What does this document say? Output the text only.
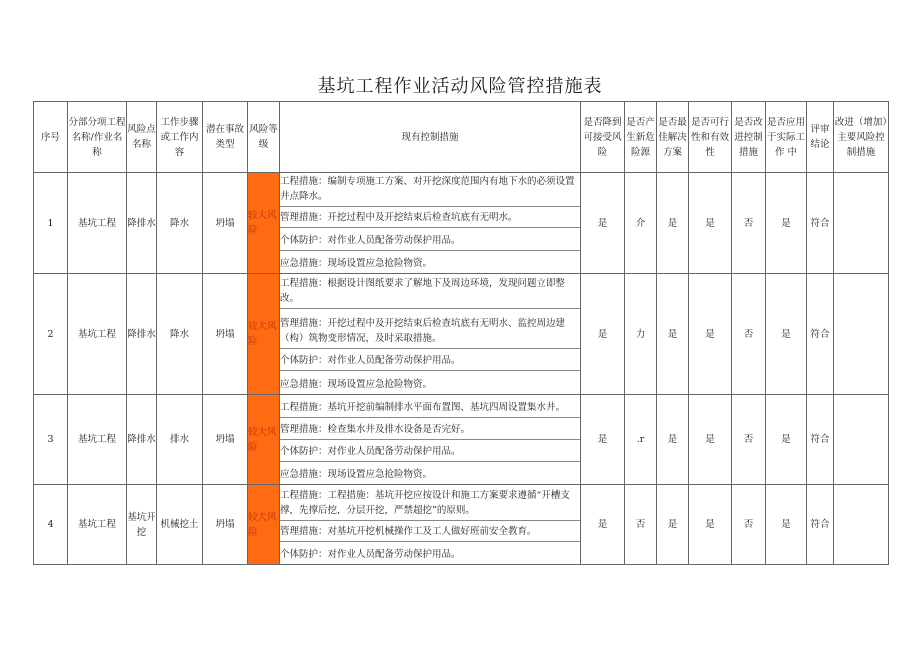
基坑工程作业活动风险管控措施表
序号	分部分项工程名称/作业名称	风险点名称	工作步骤或工作内容	潜在事故类型	风险等级	现有控制措施	是否降到可接受风险	是否产生新危险源	是否最佳解决方案	是否可行性和有效性	是否改进控制措施	是否应用于实际工作 中	评审结论	改进（增加）主要风险控制措施
1	基坑工程	降排水	降水	坍塌	较大风险	工程措施：编制专项施工方案、对开挖深度范围内有地下水的必须设置井点降水。
管理措施：开挖过程中及开挖结束后检查坑底有无明水。
个体防护：对作业人员配备劳动保护用品。
应急措施：现场设置应急抢险物资。	是	介	是	是	否	是	符合	
2	基坑工程	降排水	降水	坍塌	较大风险	工程措施：根据设计图纸要求了解地下及周边环境，发现问题立即整改。
管理措施：开挖过程中及开挖结束后检查坑底有无明水、监控周边建（构）筑物变形情况，及时采取措施。
个体防护：对作业人员配备劳动保护用品。
应急措施：现场设置应急抢险物资。	是	力	是	是	否	是	符合	
3	基坑工程	降排水	排水	坍塌	较大风险	工程措施：基坑开挖前编制排水平面布置图、基坑四周设置集水井。
管理措施：检查集水井及排水设备是否完好。
个体防护：对作业人员配备劳动保护用品。
应急措施：现场设置应急抢险物资。	是	.r	是	是	否	是	符合	
4	基坑工程	基坑开挖	机械挖土	坍塌	较大风险	工程措施：工程措施：基坑开挖应按设计和施工方案要求遵循“开槽支撑，先撑后挖，分层开挖，严禁超挖”的原则。
管理措施：对基坑开挖机械操作工及工人做好班前安全教育。
个体防护：对作业人员配备劳动保护用品。	是	否	是	是	否	是	符合	
